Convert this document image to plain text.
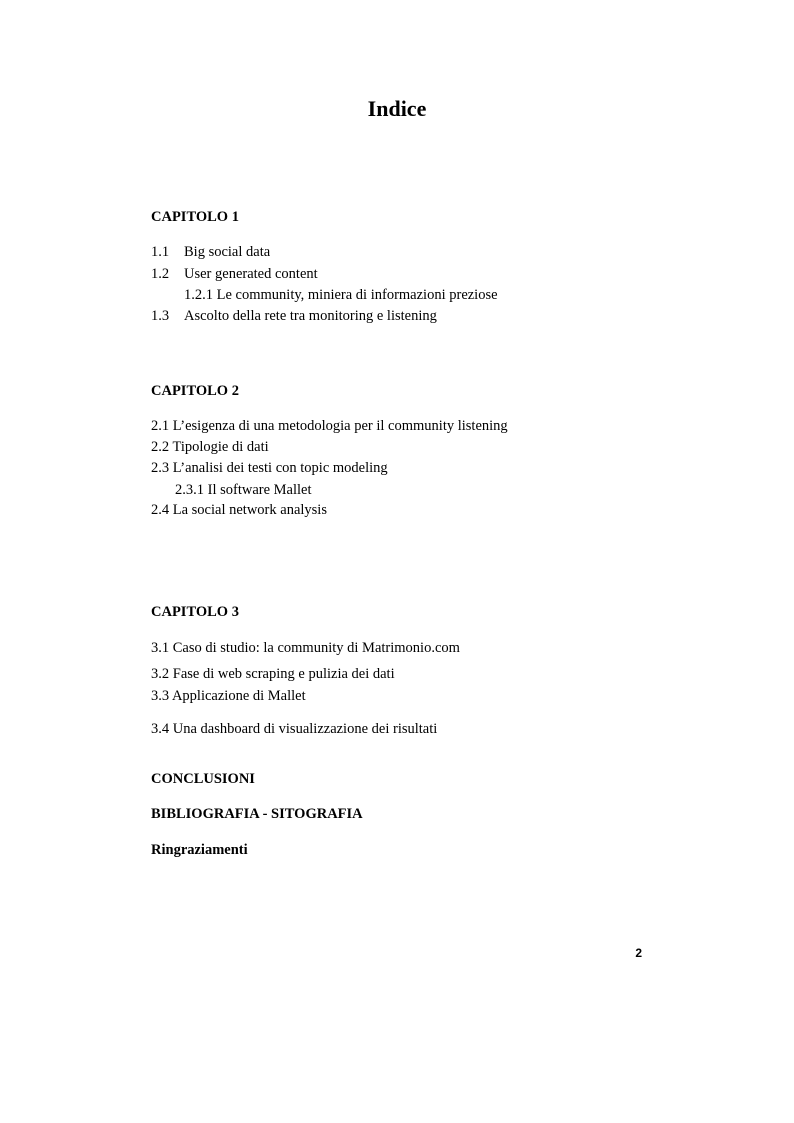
Indice
CAPITOLO 1
1.1 Big social data
1.2 User generated content
1.2.1 Le community, miniera di informazioni preziose
1.3 Ascolto della rete tra monitoring e listening
CAPITOLO 2
2.1 L’esigenza di una metodologia per il community listening
2.2 Tipologie di dati
2.3 L’analisi dei testi con topic modeling
2.3.1 Il software Mallet
2.4 La social network analysis
CAPITOLO 3
3.1 Caso di studio: la community di Matrimonio.com
3.2 Fase di web scraping e pulizia dei dati
3.3 Applicazione di Mallet
3.4 Una dashboard di visualizzazione dei risultati
CONCLUSIONI
BIBLIOGRAFIA - SITOGRAFIA
Ringraziamenti
2
